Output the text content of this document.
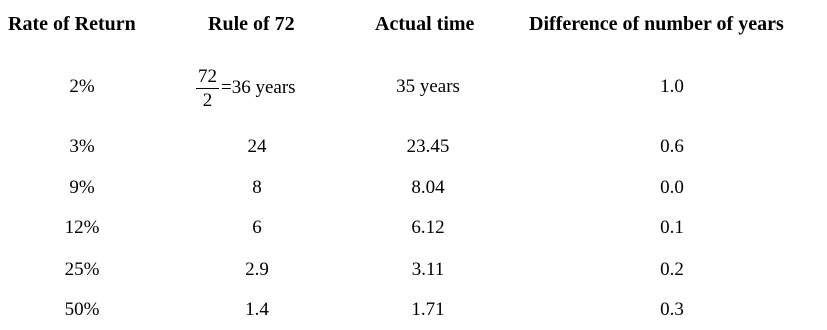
Rate of Return	Rule of 72	Actual time	Difference of number of years
2%	$\frac{72}{2} =36$ years	35 years	1.0
3%	24	23.45	0.6
9%	8	8.04	0.0
12%	6	6.12	0.1
25%	2.9	3.11	0.2
50%	1.4	1.71	0.3
